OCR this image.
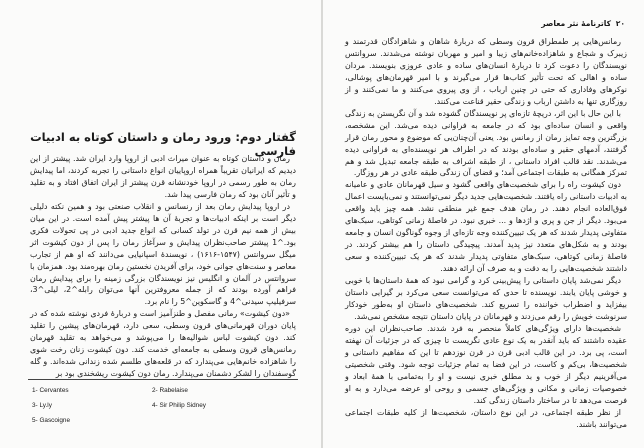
گفتار دوم: ورود رمان و داستان کوتاه به ادبیات فارسی

رمان و داستان کوتاه به عنوان میراث ادبی از اروپا وارد ایران شد. پیشتر از این دیدیم که ایرانیان تقریباً همراه اروپاییان انواع داستانی را تجربه کردند، اما پیدایش رمان به طور رسمی در اروپا خودنشانه قرن پیشتر از ایران اتفاق افتاد و به تقلید و تأثیر آنان بود که رمان فارسی پیدا شد.

در اروپا پیدایش رمان بعد از رنسانس و انقلاب صنعتی بود و همین نکته دلیلی دیگر است بر اینکه ادبیات‌ها و تجربهٔ آن ها پیشتر پیش آمده است. در این میان بیش از همه نیم قرن در تولد کسانی که انواع جدید ادبی در پی تحولات فکری بود.^1 پیشتر صاحب‌نظران پیدایش و سرآغاز رمان را پس از دون کیشوت اثر میگل سروانتس (۱۵۴۷-۱۶۱۶) ، نویسندهٔ اسپانیایی می‌دانند که او هم از تجارب معاصر و سنت‌های جوانی خود، برای آفریدن نخستین رمان بهره‌مند بود. همزمان با سروانتس در آلمان و انگلیس نیز نویسندگان بزرگی زمینه را برای پیدایش رمان فراهم آورده بودند که از جمله معروفترین آنها می‌توان رابله^2، لیلی^3، سرفیلیپ سیدنی^4 و گاسکوین^5 را نام برد.

«دون کیشوت» رمانی مفصل و طنزآمیز است و دربارهٔ فردی نوشته شده که در پایان دوران قهرمانی‌های قرون وسطی، سعی دارد، قهرمان‌های پیشین را تقلید کند. دون کیشوت لباس شوالیه‌ها را می‌پوشد و می‌خواهد به تقلید قهرمان رمانس‌های قرون وسطی به جامعه‌ای خدمت کند. دون کیشوت زنان رخت شوی را شاهزاده خانم‌هایی می‌پندارد که در قلعه‌های طلسم شده زندانی شده‌اند. و گله گوسفندان را لشکر دشمنان می‌پندارد. رمان دون کیشوت ریشخندی بود بر

1- Cervantes	2- Rabelaise
3- Ly.ly	4- Sir Philip Sidney
5- Gascoigne
۲۰
کاترنامهٔ نثر معاصر

رمانس‌هایی پر طمطراق قرون وسطی که دربارهٔ شاهان و شاهزادگان قدرتمند و زیبرک و شجاع و شاهزاده‌خانم‌های زیبا و امیر و مهربان نوشته می‌شدند. سروانتس نویسندگان را دعوت کرد تا دربارهٔ انسان‌های ساده و عادی عروزی بنویسند. مردان ساده و اهالی که تحت تأثیر کتاب‌ها قرار می‌گیرند و با امیر قهرمان‌های پوشالی، نوکرهای وفاداری که حتی در چنین ارباب ، از وی پیروی می‌کنند و ما نمی‌کنند و از روزگاری تنها به داشتن ارباب و زندگی حقیر قناعت می‌کنند.

با این حال با این اثر، دریچهٔ تازه‌ای پر نویسندگان گشوده شد و آن نگریستن به زندگی واقعی و انسان ساده‌ای بود که در جامعه به فراوانی دیده می‌شد. این مشخصه، بزرگترین وجه تمایز رمان از رمانس بود. یعنی آن‌چنان‌یی که موضوع و محور رمان قرار گرفتند، آدمهای حقیر و ساده‌ای بودند که در اطراف هر نویسنده‌ای به فراوانی دیده می‌شدند. نقد قالب افراد داستانی ، از طبقه اشراف به طبقه جامعه تبدیل شد و هم تمرکز همگانی به طبقات اجتماعی آمد؛ و قضای آن زندگی طبقه عادی در هر روزگار.

دون کیشوت راه را برای شخصیت‌های واقعی گشود و سیل قهرمانان عادی و عامیانه به ادبیات داستانی راه یافتند. شخصیت‌هایی جدید دیگر نمی‌توانستند و نمی‌بایست اعمال فوق‌العاده انجام دهند. در رمان هدف جمع غیر منطقی نشد. همه چیز باید واقعی می‌بود. دیگر از جن و پری و اژدها و ... خبری نبود. در فاصلهٔ زمانی کوتاهی، سبک‌های متفاوتی پدیدار شدند که هر یک تبیین‌کننده وجه تازه‌ای از وجوه گوناگون انسان و جامعه بودند و به شکل‌های متعدد نیز پدید آمدند. پیچیدگی داستان را هم بیشتر کردند. در فاصلهٔ زمانی کوتاهی، سبک‌های متفاوتی پدیدار شدند که هر یک تبیین‌کننده و سعی داشتند شخصیت‌هایی را به دقت و به صرف آن ارائه دهند.

دیگر نمی‌شد پایان داستانی را پیش‌بینی کرد و گرامی نبود که همهٔ داستان‌ها با خوبی و خوشی پایان یابند. نویسنده تا حدی که می‌توانست سعی می‌کرد بر گیرایی داستان بیفزاید و اضطراب خواننده را تسریع کند. شخصیت‌های داستان او به‌طور خودکار سرنوشت خویش را رقم می‌زدند و قهرمانان در پایان داستان نتیجه مشخص نمی‌شد.

شخصیت‌ها دارای ویژگی‌های کاملاً منحصر به فرد شدند. صاحب‌نظران این دوره عقیده داشتند که باید آنقدر به یک نوع عادی نگریست تا چیزی که در جزئیات آن نهفته است، پی برد. در این قالب ادبی قرن در قرن نوزدهم تا این که مفاهیم داستانی و شخصیت‌ها، بی‌کم و کاست، در این فضا به تمام جزئیات توجه شود. وقتی شخصیتی می‌آفرینیم دیگر از خوب و بد مطلق خبری نیست و او را به‌تمامی با همهٔ ابعاد و خصوصیات زمانی و مکانی و ویژگی‌های جسمی و روحی او عرضه می‌دارد و به او فرصت می‌دهد تا در ساختار داستان زندگی کند.

از نظر طبقه اجتماعی، در این نوع داستان، شخصیت‌ها از کلیه طبقات اجتماعی می‌توانند باشند.
